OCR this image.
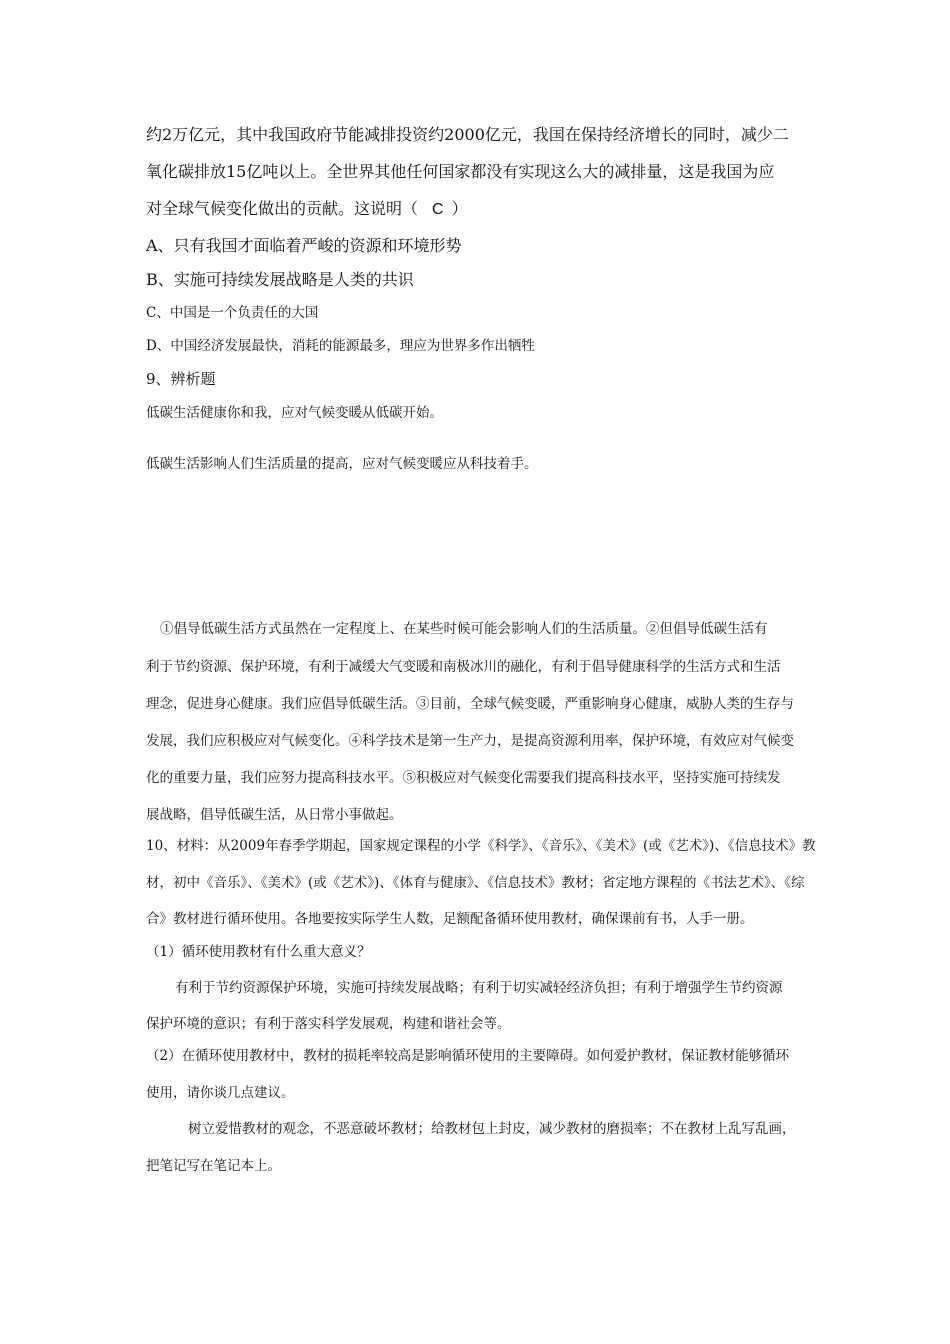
约2万亿元，其中我国政府节能减排投资约2000亿元，我国在保持经济增长的同时，减少二
氧化碳排放15亿吨以上。全世界其他任何国家都没有实现这么大的减排量，这是我国为应
对全球气候变化做出的贡献。这说明（ C ）
A、只有我国才面临着严峻的资源和环境形势
B、实施可持续发展战略是人类的共识
C、中国是一个负责任的大国
D、中国经济发展最快，消耗的能源最多，理应为世界多作出牺牲
9、辨析题
低碳生活健康你和我，应对气候变暖从低碳开始。
低碳生活影响人们生活质量的提高，应对气候变暖应从科技着手。
①倡导低碳生活方式虽然在一定程度上、在某些时候可能会影响人们的生活质量。②但倡导低碳生活有
利于节约资源、保护环境，有利于减缓大气变暖和南极冰川的融化，有利于倡导健康科学的生活方式和生活
理念，促进身心健康。我们应倡导低碳生活。③目前，全球气候变暖，严重影响身心健康，威胁人类的生存与
发展，我们应积极应对气候变化。④科学技术是第一生产力，是提高资源利用率，保护环境，有效应对气候变
化的重要力量，我们应努力提高科技水平。⑤积极应对气候变化需要我们提高科技水平，坚持实施可持续发
展战略，倡导低碳生活，从日常小事做起。
10、材料：从2009年春季学期起，国家规定课程的小学《科学》、《音乐》、《美术》(或《艺术》)、《信息技术》教
材，初中《音乐》、《美术》(或《艺术》)、《体育与健康》、《信息技术》教材；省定地方课程的《书法艺术》、《综
合》教材进行循环使用。各地要按实际学生人数，足额配备循环使用教材，确保课前有书，人手一册。
（1）循环使用教材有什么重大意义？
有利于节约资源保护环境，实施可持续发展战略；有利于切实减轻经济负担；有利于增强学生节约资源
保护环境的意识；有利于落实科学发展观，构建和谐社会等。
（2）在循环使用教材中，教材的损耗率较高是影响循环使用的主要障碍。如何爱护教材，保证教材能够循环
使用，请你谈几点建议。
树立爱惜教材的观念，不恶意破坏教材；给教材包上封皮，减少教材的磨损率；不在教材上乱写乱画，
把笔记写在笔记本上。
